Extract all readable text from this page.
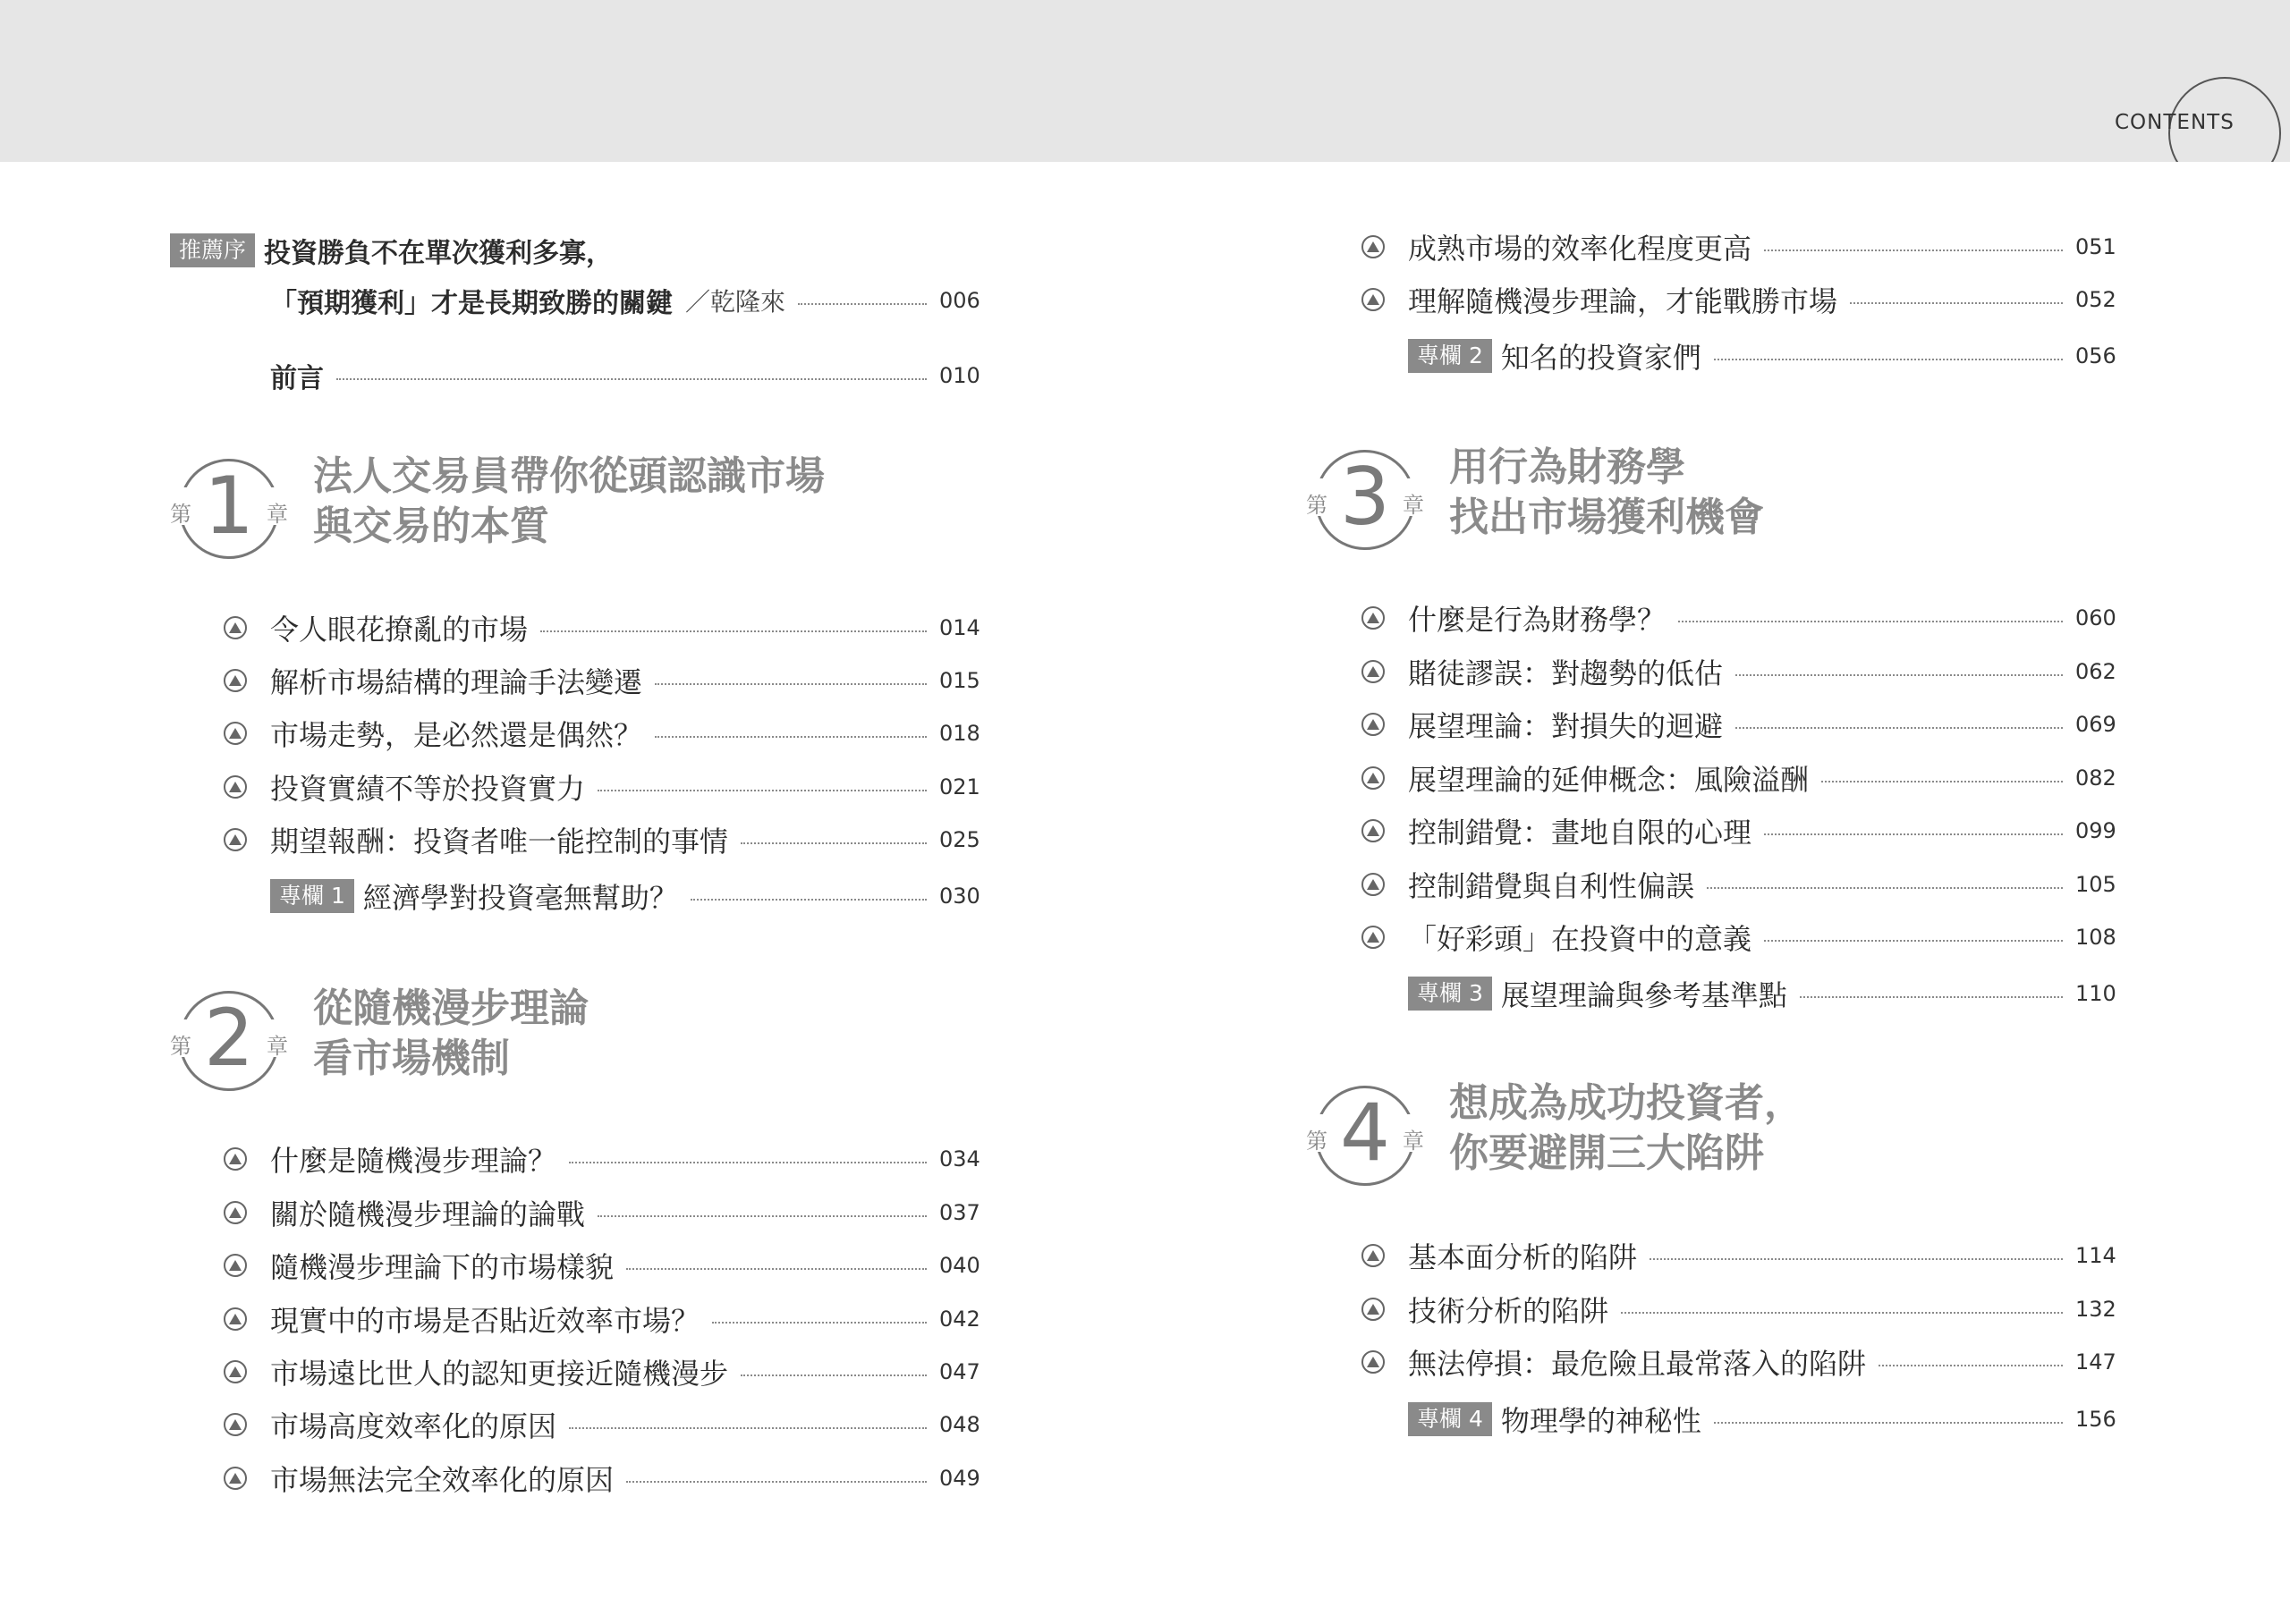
CONTENTS
推薦序 投資勝負不在單次獲利多寡，
「預期獲利」才是長期致勝的關鍵 ／乾隆來	006
前言	010
1
第	章
法人交易員帶你從頭認識市場
與交易的本質
令人眼花撩亂的市場	014
解析市場結構的理論手法變遷	015
市場走勢，是必然還是偶然？	018
投資實績不等於投資實力	021
期望報酬：投資者唯一能控制的事情	025
專欄 1 經濟學對投資毫無幫助？	030
2
第	章
從隨機漫步理論
看市場機制
什麼是隨機漫步理論？	034
關於隨機漫步理論的論戰	037
隨機漫步理論下的市場樣貌	040
現實中的市場是否貼近效率市場？	042
市場遠比世人的認知更接近隨機漫步	047
市場高度效率化的原因	048
市場無法完全效率化的原因	049
成熟市場的效率化程度更高	051
理解隨機漫步理論，才能戰勝市場	052
專欄 2 知名的投資家們	056
3
第	章
用行為財務學
找出市場獲利機會
什麼是行為財務學？	060
賭徒謬誤：對趨勢的低估	062
展望理論：對損失的迴避	069
展望理論的延伸概念：風險溢酬	082
控制錯覺：畫地自限的心理	099
控制錯覺與自利性偏誤	105
「好彩頭」在投資中的意義	108
專欄 3 展望理論與參考基準點	110
4
第	章
想成為成功投資者，
你要避開三大陷阱
基本面分析的陷阱	114
技術分析的陷阱	132
無法停損：最危險且最常落入的陷阱	147
專欄 4 物理學的神秘性	156
